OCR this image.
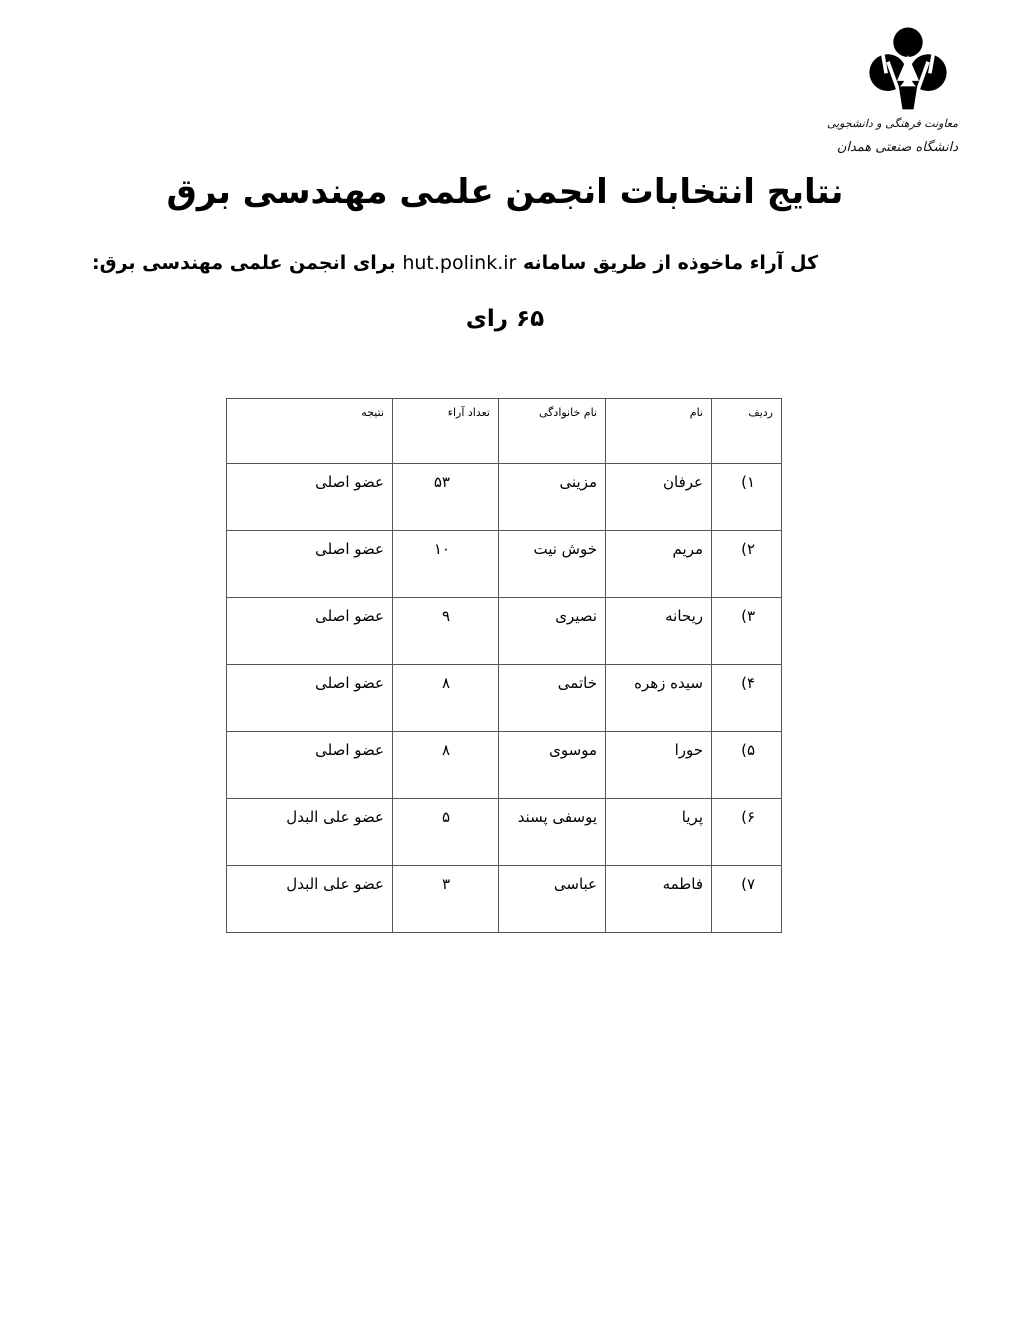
معاونت فرهنگی و دانشجویی
دانشگاه صنعتی همدان
نتایج انتخابات انجمن علمی مهندسی برق
کل آراء ماخوذه از طریق سامانه hut.polink.ir برای انجمن علمی مهندسی برق:
۶۵ رای
ردیف	نام	نام خانوادگی	تعداد آراء	نتیجه
۱)	عرفان	مزینی	۵۳	عضو اصلی
۲)	مریم	خوش نیت	۱۰	عضو اصلی
۳)	ریحانه	نصیری	۹	عضو اصلی
۴)	سیده زهره	خاتمی	۸	عضو اصلی
۵)	حورا	موسوی	۸	عضو اصلی
۶)	پریا	یوسفی پسند	۵	عضو علی البدل
۷)	فاطمه	عباسی	۳	عضو علی البدل
